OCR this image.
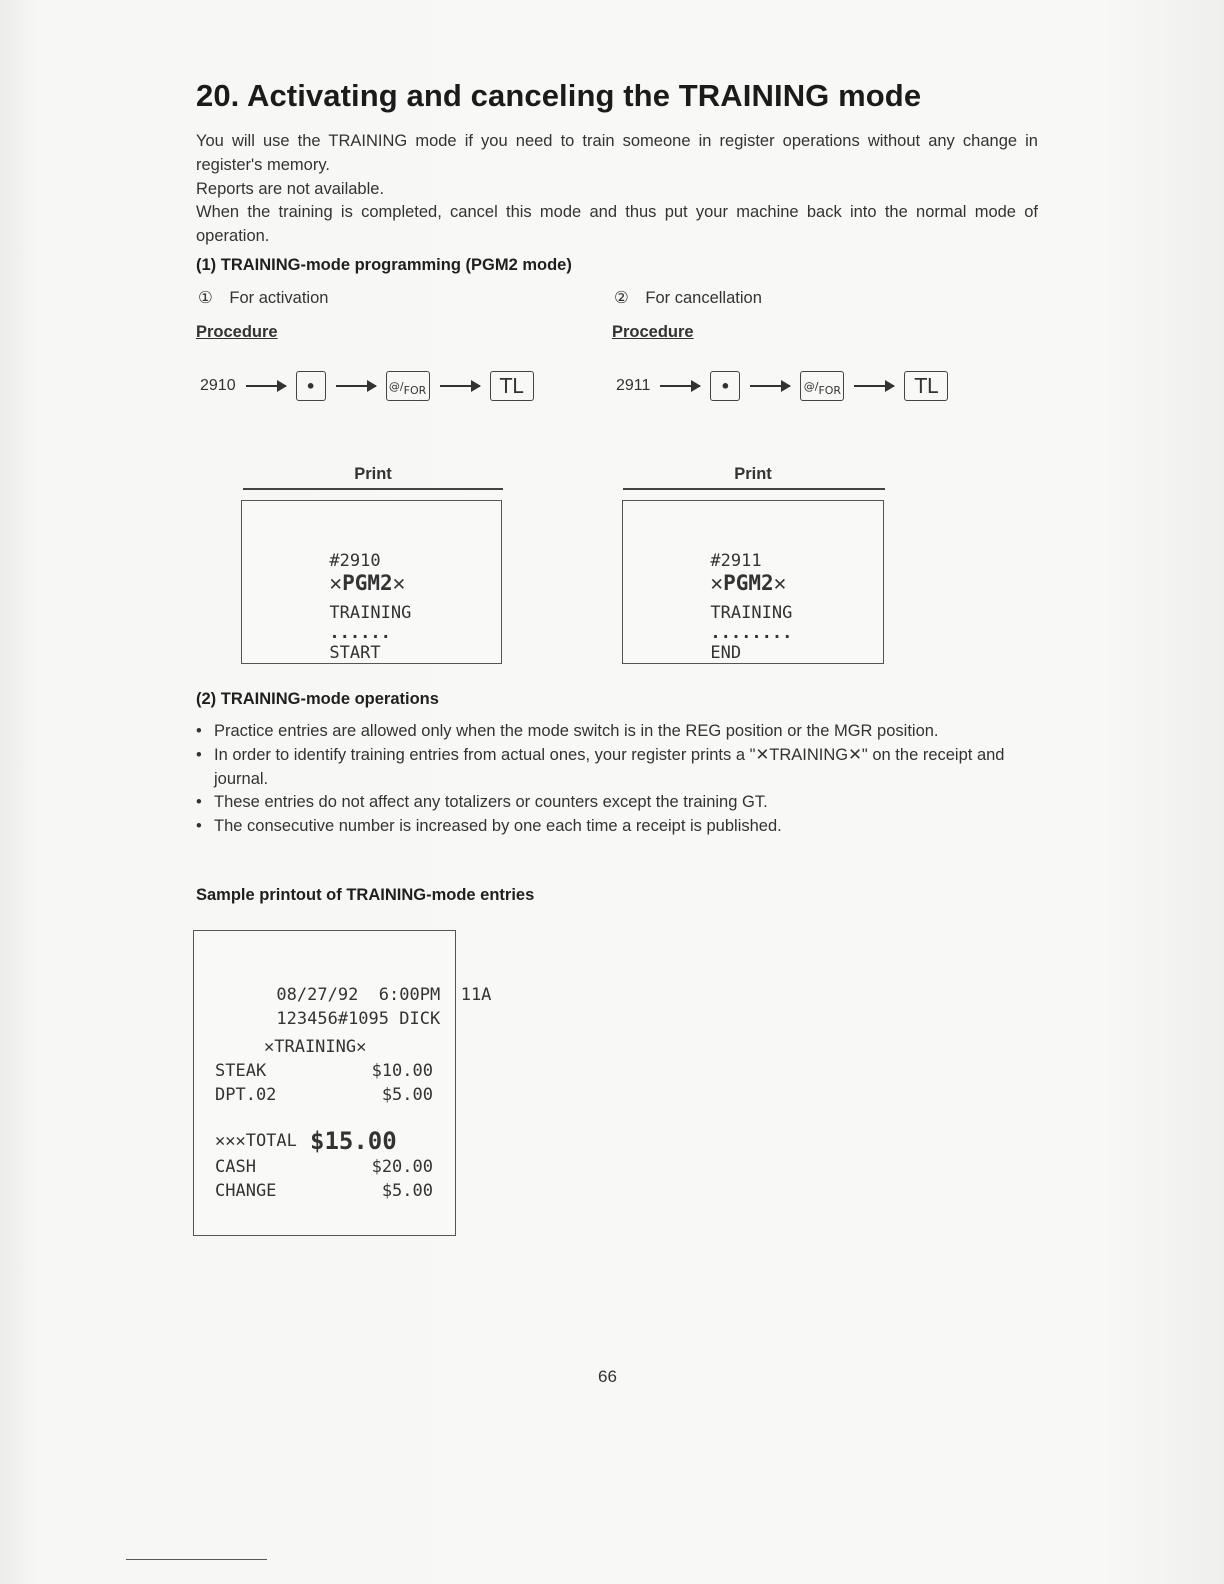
20. Activating and canceling the TRAINING mode

You will use the TRAINING mode if you need to train someone in register operations without any change in register's memory.

Reports are not available.

When the training is completed, cancel this mode and thus put your machine back into the normal mode of operation.

(1) TRAINING-mode programming (PGM2 mode)
① For activation
Procedure
2910	•	@/ FOR	TL
Print

#2910
✕PGM2✕

TRAINING
......
START

② For cancellation
Procedure
2911	•	@/ FOR	TL
Print

#2911
✕PGM2✕

TRAINING
........
END

(2) TRAINING-mode operations
• Practice entries are allowed only when the mode switch is in the REG position or the MGR position.
• In order to identify training entries from actual ones, your register prints a "✕TRAINING✕" on the receipt and journal.
• These entries do not affect any totalizers or counters except the training GT.
• The consecutive number is increased by one each time a receipt is published.
Sample printout of TRAINING-mode entries

08/27/92 6:00PM 11A

123456#1095 DICK

✕TRAINING✕
STEAK	$10.00
DPT.02	$5.00
✕✕✕TOTAL $15.00
CASH	$20.00
CHANGE	$5.00
66
